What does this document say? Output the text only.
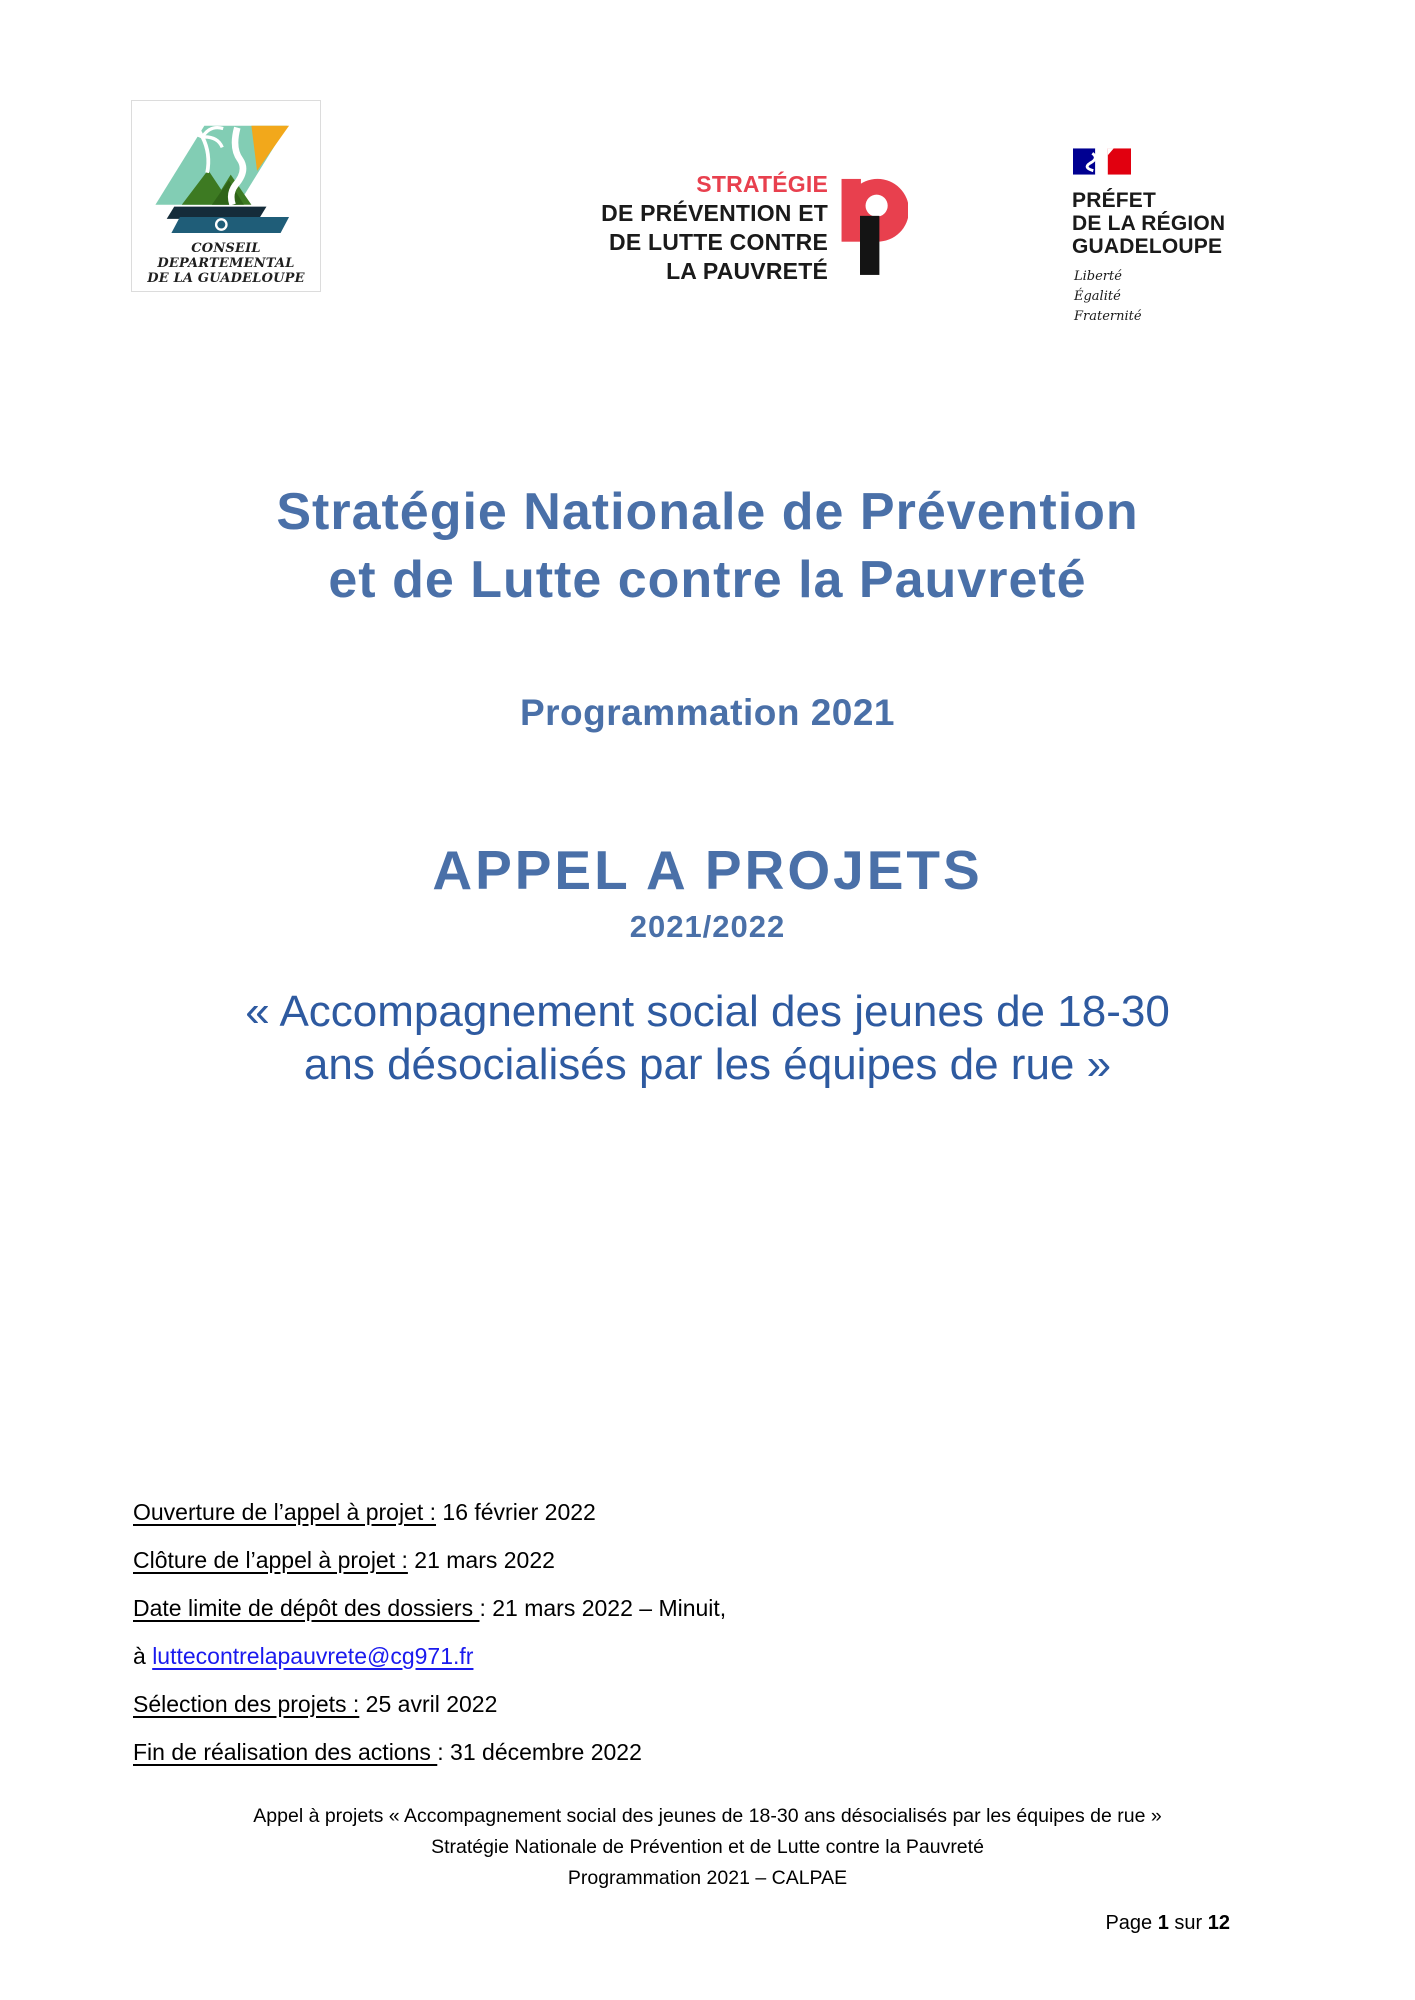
CONSEIL DEPARTEMENTAL
DE LA GUADELOUPE
STRATÉGIE
DE PRÉVENTION ET
DE LUTTE CONTRE
LA PAUVRETÉ
PRÉFET
DE LA RÉGION
GUADELOUPE
Liberté
Égalité
Fraternité
Stratégie Nationale de Prévention
et de Lutte contre la Pauvreté
Programmation 2021
APPEL A PROJETS
2021/2022
« Accompagnement social des jeunes de 18-30
ans désocialisés par les équipes de rue »
Ouverture de l’appel à projet : 16 février 2022
Clôture de l’appel à projet : 21 mars 2022
Date limite de dépôt des dossiers : 21 mars 2022 – Minuit,
à luttecontrelapauvrete@cg971.fr
Sélection des projets : 25 avril 2022
Fin de réalisation des actions : 31 décembre 2022
Appel à projets « Accompagnement social des jeunes de 18-30 ans désocialisés par les équipes de rue »
Stratégie Nationale de Prévention et de Lutte contre la Pauvreté
Programmation 2021 – CALPAE
Page 1 sur 12
